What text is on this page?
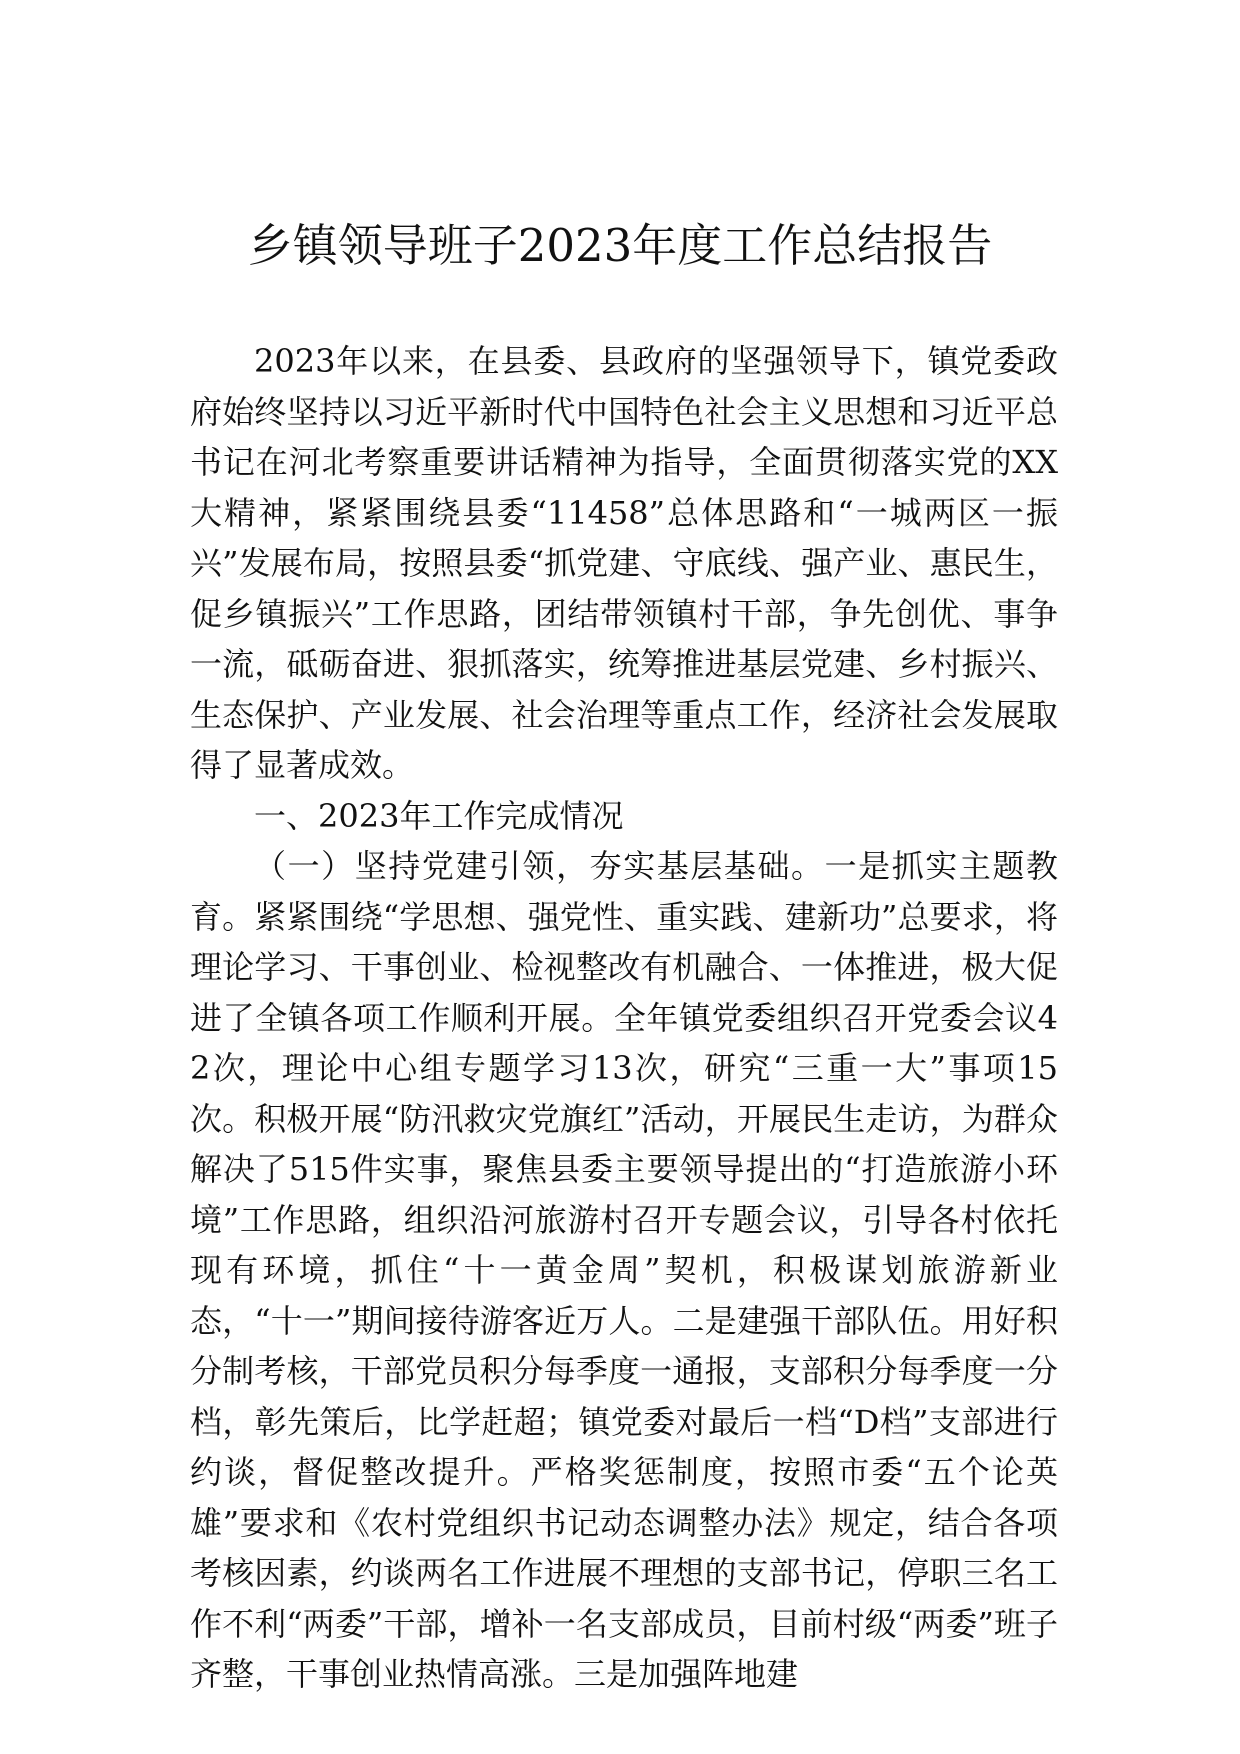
乡镇领导班子2023年度工作总结报告

2023年以来，在县委、县政府的坚强领导下，镇党委政府始终坚持以习近平新时代中国特色社会主义思想和习近平总书记在河北考察重要讲话精神为指导，全面贯彻落实党的XX大精神，紧紧围绕县委“11458”总体思路和“一城两区一振兴”发展布局，按照县委“抓党建、守底线、强产业、惠民生，促乡镇振兴”工作思路，团结带领镇村干部，争先创优、事争一流，砥砺奋进、狠抓落实，统筹推进基层党建、乡村振兴、生态保护、产业发展、社会治理等重点工作，经济社会发展取得了显著成效。

一、2023年工作完成情况

（一）坚持党建引领，夯实基层基础。一是抓实主题教育。紧紧围绕“学思想、强党性、重实践、建新功”总要求，将理论学习、干事创业、检视整改有机融合、一体推进，极大促进了全镇各项工作顺利开展。全年镇党委组织召开党委会议42次，理论中心组专题学习13次，研究“三重一大”事项15次。积极开展“防汛救灾党旗红”活动，开展民生走访，为群众解决了515件实事，聚焦县委主要领导提出的“打造旅游小环境”工作思路，组织沿河旅游村召开专题会议，引导各村依托现有环境，抓住“十一黄金周”契机，积极谋划旅游新业态，“十一”期间接待游客近万人。二是建强干部队伍。用好积分制考核，干部党员积分每季度一通报，支部积分每季度一分档，彰先策后，比学赶超；镇党委对最后一档“D档”支部进行约谈，督促整改提升。严格奖惩制度，按照市委“五个论英雄”要求和《农村党组织书记动态调整办法》规定，结合各项考核因素，约谈两名工作进展不理想的支部书记，停职三名工作不利“两委”干部，增补一名支部成员，目前村级“两委”班子齐整，干事创业热情高涨。三是加强阵地建
